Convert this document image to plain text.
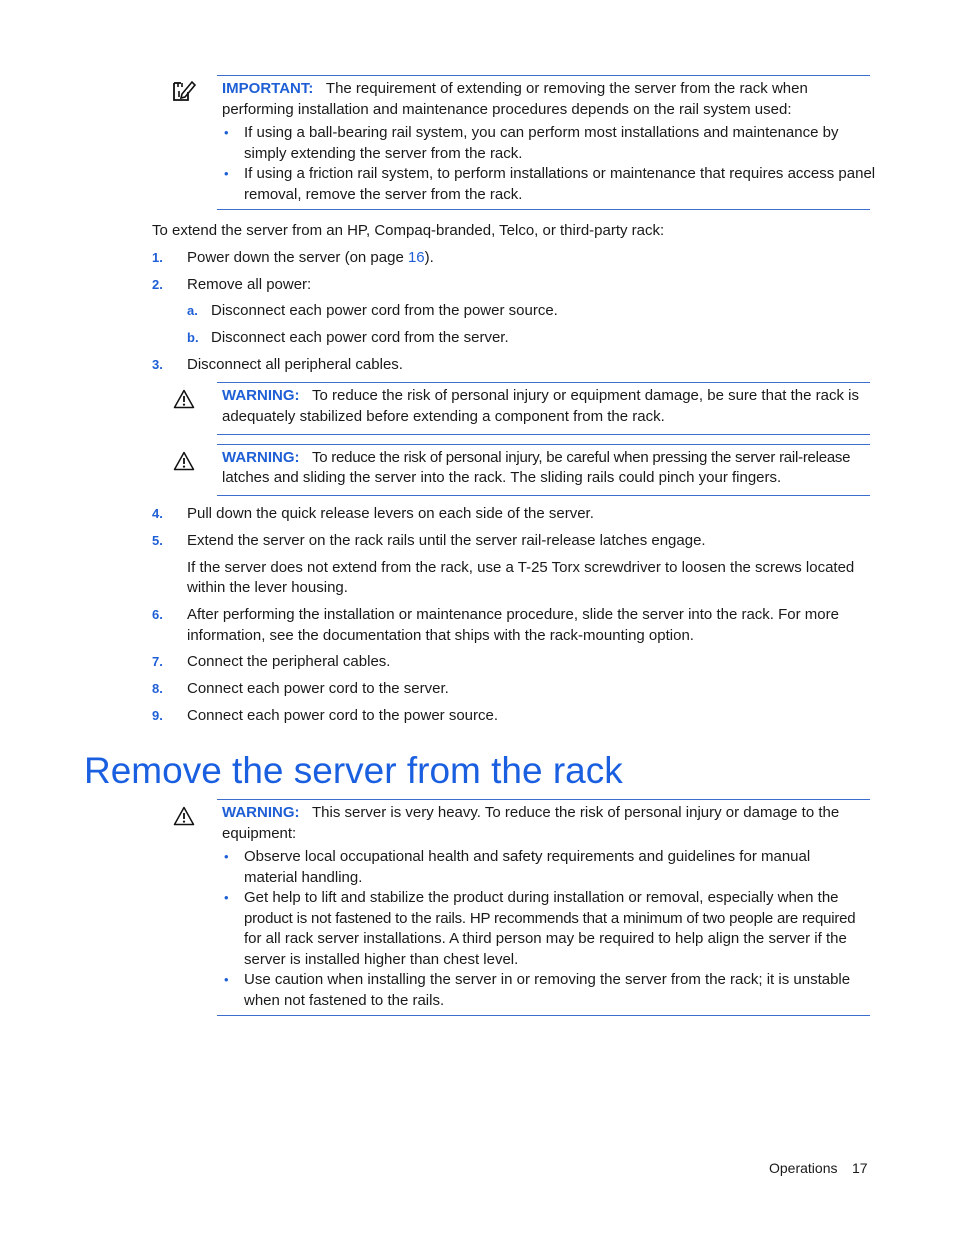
IMPORTANT: The requirement of extending or removing the server from the rack when
performing installation and maintenance procedures depends on the rail system used:
• If using a ball-bearing rail system, you can perform most installations and maintenance by
simply extending the server from the rack.
• If using a friction rail system, to perform installations or maintenance that requires access panel
removal, remove the server from the rack.
To extend the server from an HP, Compaq-branded, Telco, or third-party rack:
1. Power down the server (on page 16).
2. Remove all power:
a. Disconnect each power cord from the power source.
b. Disconnect each power cord from the server.
3. Disconnect all peripheral cables.
WARNING: To reduce the risk of personal injury or equipment damage, be sure that the rack is
adequately stabilized before extending a component from the rack.
WARNING: To reduce the risk of personal injury, be careful when pressing the server rail-release
latches and sliding the server into the rack. The sliding rails could pinch your fingers.
4. Pull down the quick release levers on each side of the server.
5. Extend the server on the rack rails until the server rail-release latches engage.
If the server does not extend from the rack, use a T-25 Torx screwdriver to loosen the screws located
within the lever housing.
6. After performing the installation or maintenance procedure, slide the server into the rack. For more
information, see the documentation that ships with the rack-mounting option.
7. Connect the peripheral cables.
8. Connect each power cord to the server.
9. Connect each power cord to the power source.
Remove the server from the rack
WARNING: This server is very heavy. To reduce the risk of personal injury or damage to the
equipment:
• Observe local occupational health and safety requirements and guidelines for manual
material handling.
• Get help to lift and stabilize the product during installation or removal, especially when the
product is not fastened to the rails. HP recommends that a minimum of two people are required
for all rack server installations. A third person may be required to help align the server if the
server is installed higher than chest level.
• Use caution when installing the server in or removing the server from the rack; it is unstable
when not fastened to the rails.
Operations 17
